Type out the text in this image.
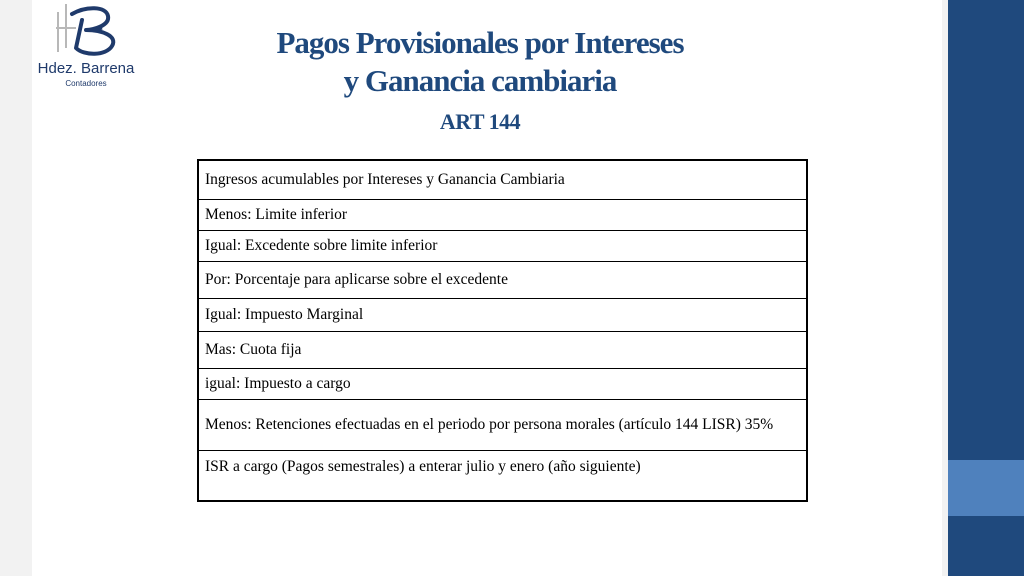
Hdez. Barrena
Contadores
Pagos Provisionales por Intereses
y Ganancia cambiaria
ART 144
Ingresos acumulables por Intereses y Ganancia Cambiaria
Menos: Limite inferior
Igual: Excedente sobre limite inferior
Por: Porcentaje para aplicarse sobre el excedente
Igual: Impuesto Marginal
Mas: Cuota fija
igual: Impuesto a cargo
Menos: Retenciones efectuadas en el periodo por persona morales (artículo 144 LISR) 35%
ISR a cargo (Pagos semestrales) a enterar julio y enero (año siguiente)
